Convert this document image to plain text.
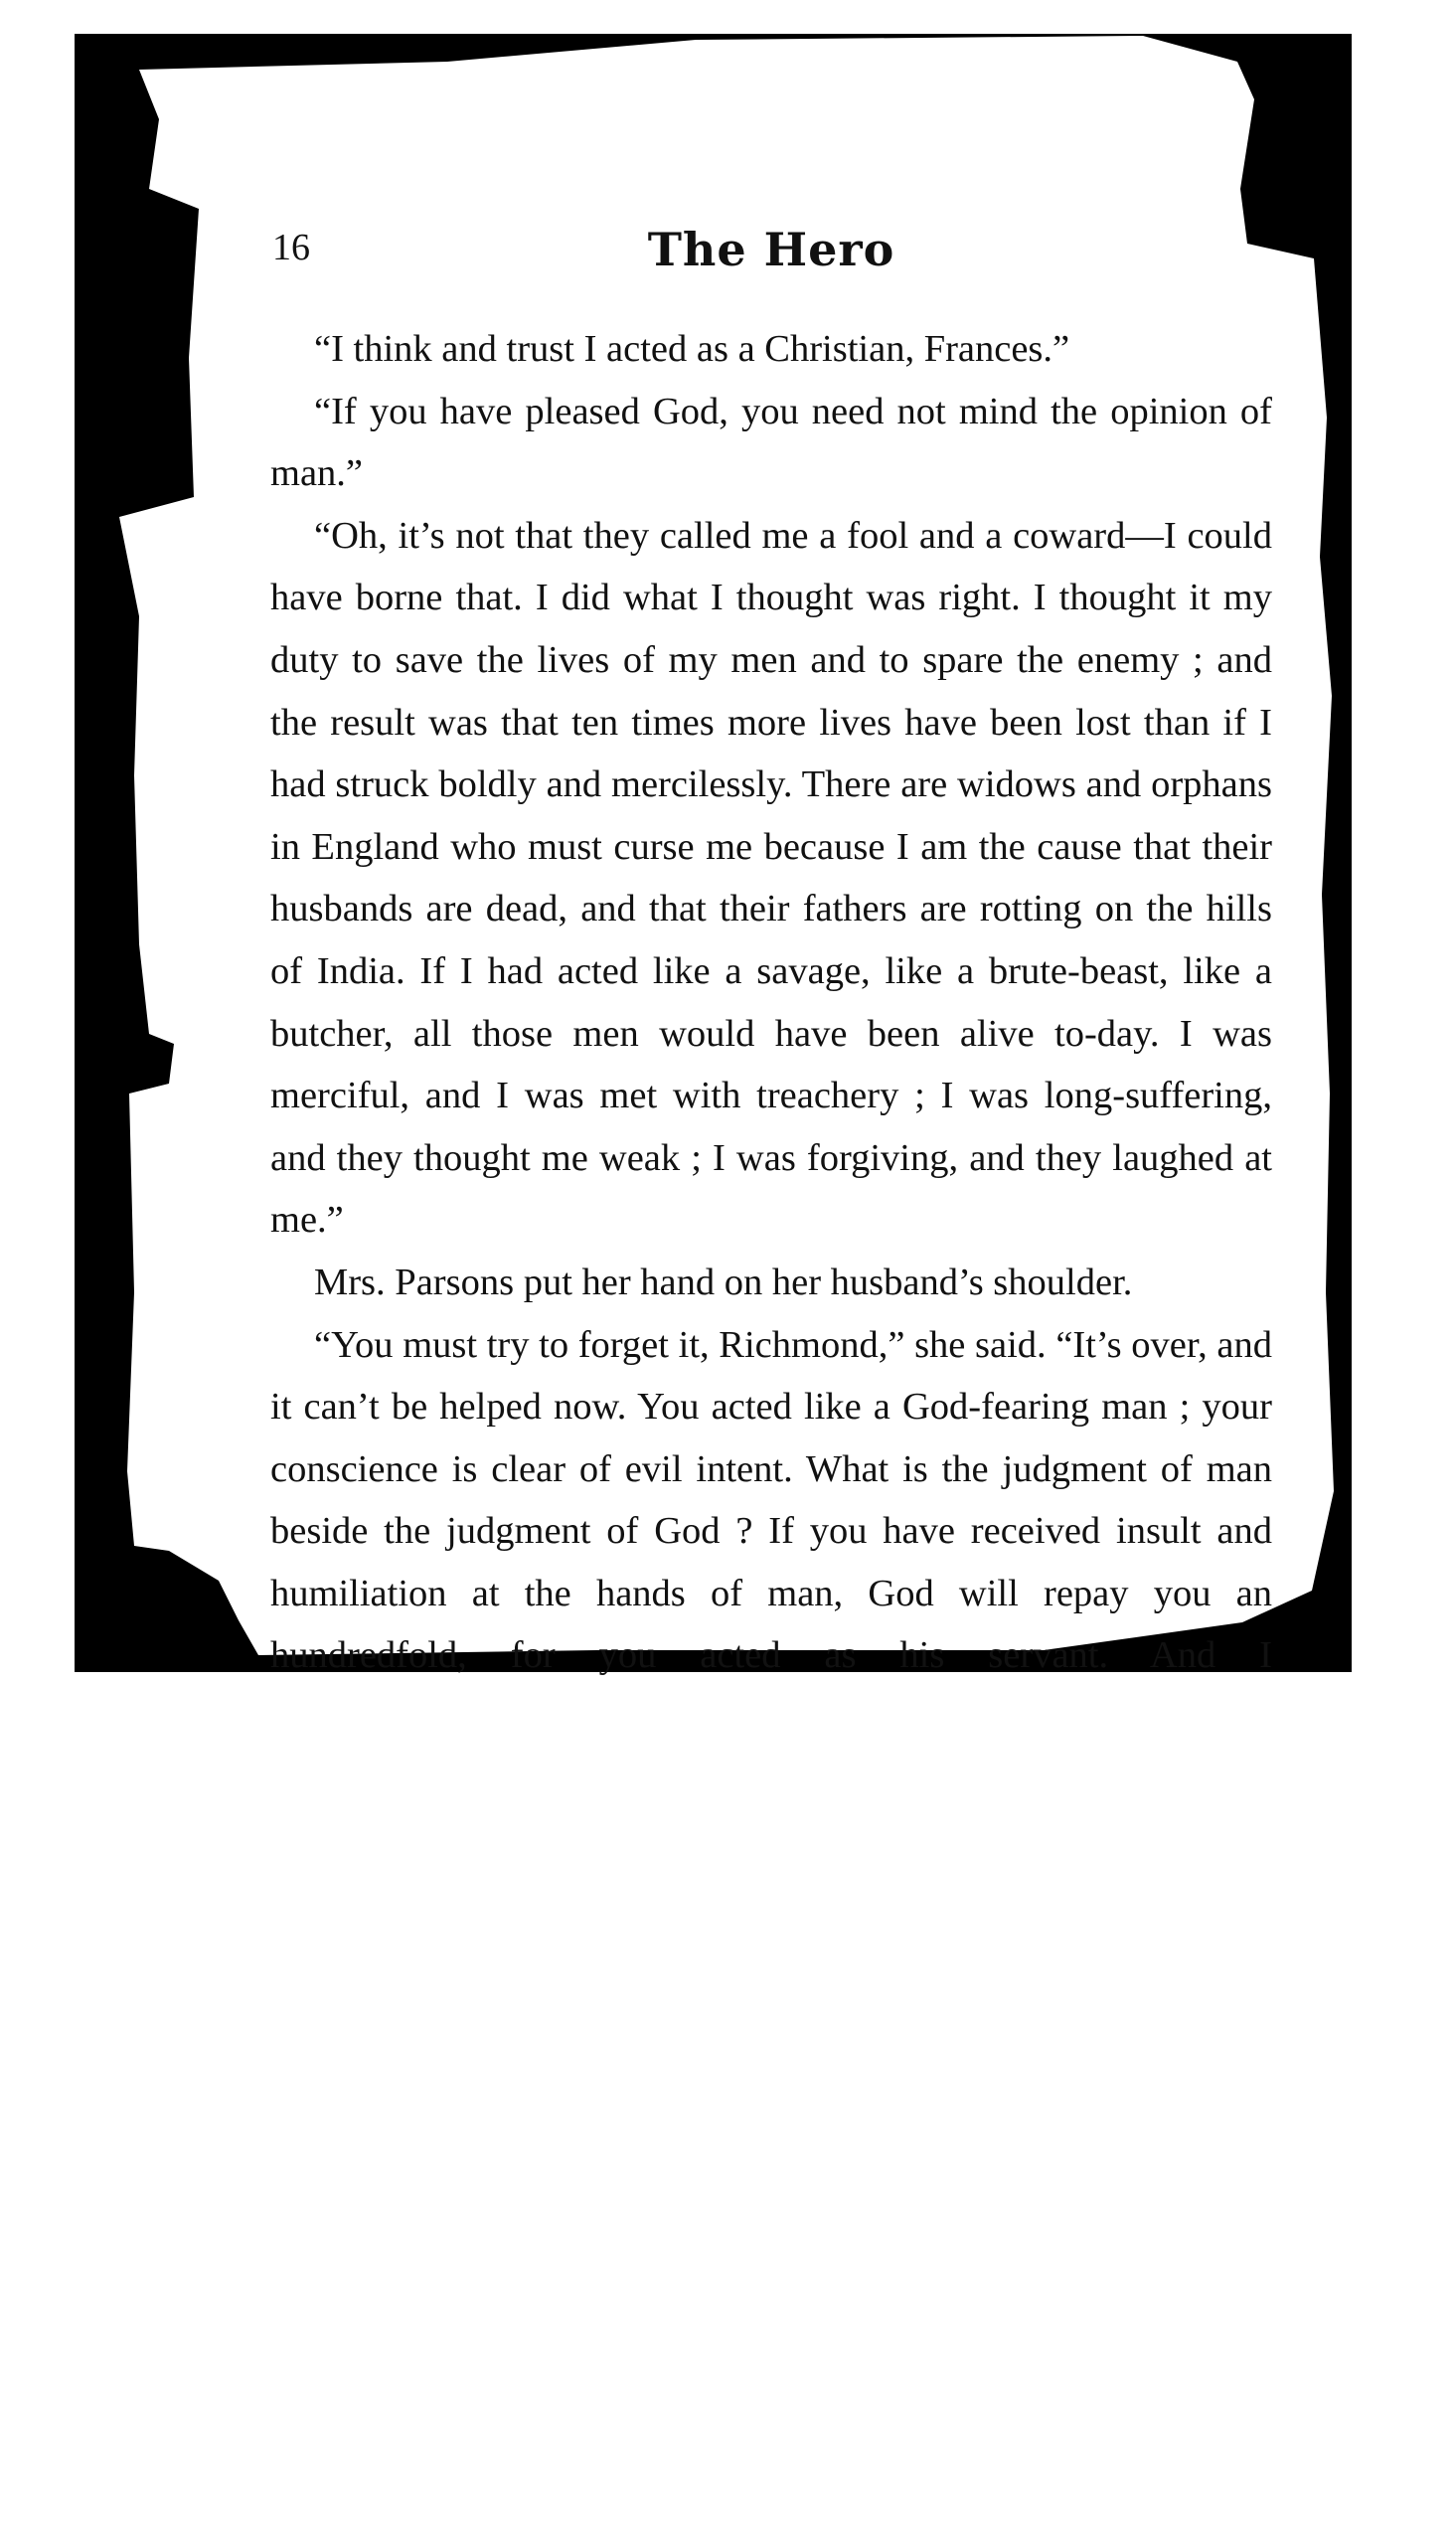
16	The Hero

“I think and trust I acted as a Christian, Frances.”

“If you have pleased God, you need not mind the opinion of man.”

“Oh, it’s not that they called me a fool and a coward—I could have borne that. I did what I thought was right. I thought it my duty to save the lives of my men and to spare the enemy ; and the result was that ten times more lives have been lost than if I had struck boldly and mercilessly. There are widows and orphans in England who must curse me because I am the cause that their husbands are dead, and that their fathers are rotting on the hills of India. If I had acted like a savage, like a brute-beast, like a butcher, all those men would have been alive to-day. I was merciful, and I was met with treachery ; I was long-suffering, and they thought me weak ; I was forgiving, and they laughed at me.”

Mrs. Parsons put her hand on her husband’s shoulder.

“You must try to forget it, Richmond,” she said. “It’s over, and it can’t be helped now. You acted like a God-fearing man ; your conscience is clear of evil intent. What is the judgment of man beside the judgment of God ? If you have received insult and humiliation at the hands of man, God will repay you an hundredfold, for you acted as his servant. And I
